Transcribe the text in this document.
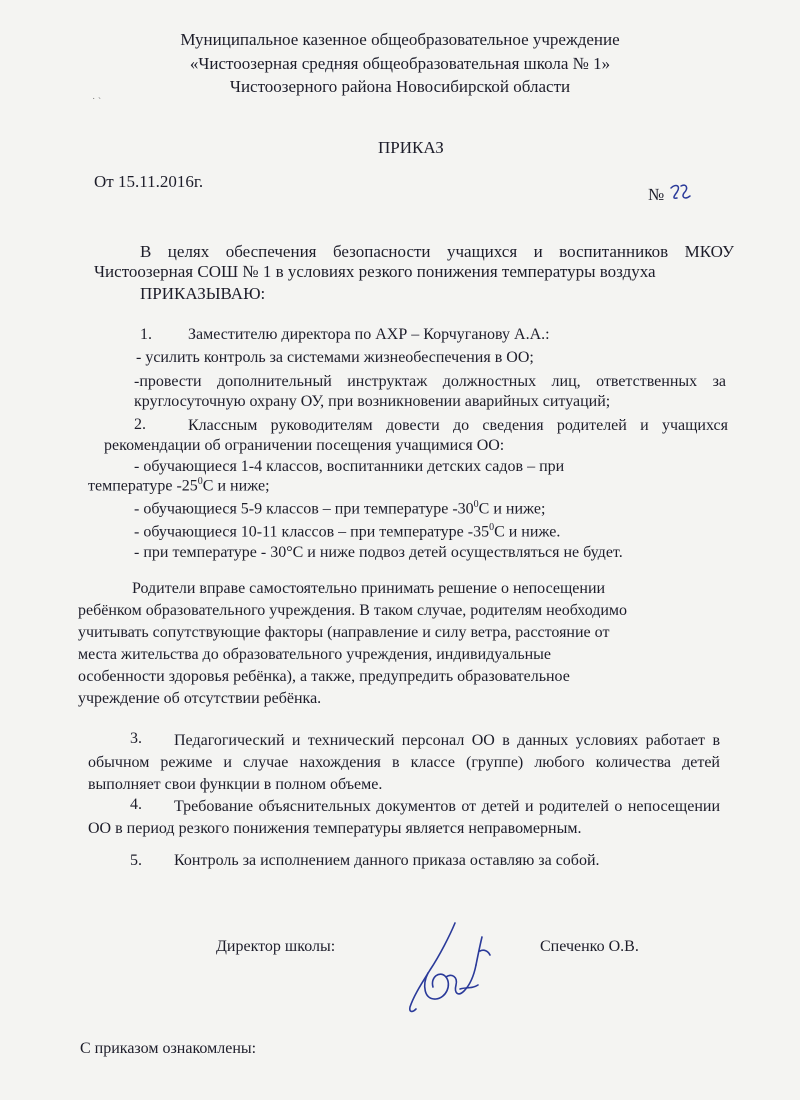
˙ ˋ
Муниципальное казенное общеобразовательное учреждение
«Чистоозерная средняя общеобразовательная школа № 1»
Чистоозерного района Новосибирской области
ПРИКАЗ
От 15.11.2016г.
№
В целях обеспечения безопасности учащихся и воспитанников МКОУ Чистоозерная СОШ № 1 в условиях резкого понижения температуры воздуха
ПРИКАЗЫВАЮ:
1. Заместителю директора по АХР – Корчуганову А.А.:
- усилить контроль за системами жизнеобеспечения в ОО;
-провести дополнительный инструктаж должностных лиц, ответственных за круглосуточную охрану ОУ, при возникновении аварийных ситуаций;
2.	Классным руководителям довести до сведения родителей и учащихся рекомендации об ограничении посещения учащимися ОО:
- обучающиеся 1-4 классов, воспитанники детских садов – при
температуре $-25^0С$ и ниже;
- обучающиеся 5-9 классов – при температуре $-30^0С$ и ниже;
- обучающиеся 10-11 классов – при температуре $-35^0С$ и ниже.
- при температуре - 30°С и ниже подвоз детей осуществляться не будет.
Родители вправе самостоятельно принимать решение о непосещении
ребёнком образовательного учреждения. В таком случае, родителям необходимо
учитывать сопутствующие факторы (направление и силу ветра, расстояние от
места жительства до образовательного учреждения, индивидуальные
особенности здоровья ребёнка), а также, предупредить образовательное
учреждение об отсутствии ребёнка.
3.	Педагогический и технический персонал ОО в данных условиях работает в обычном режиме и случае нахождения в классе (группе) любого количества детей выполняет свои функции в полном объеме.
4.	Требование объяснительных документов от детей и родителей о непосещении ОО в период резкого понижения температуры является неправомерным.
5. Контроль за исполнением данного приказа оставляю за собой.
Директор школы:	Спеченко О.В.
С приказом ознакомлены:
